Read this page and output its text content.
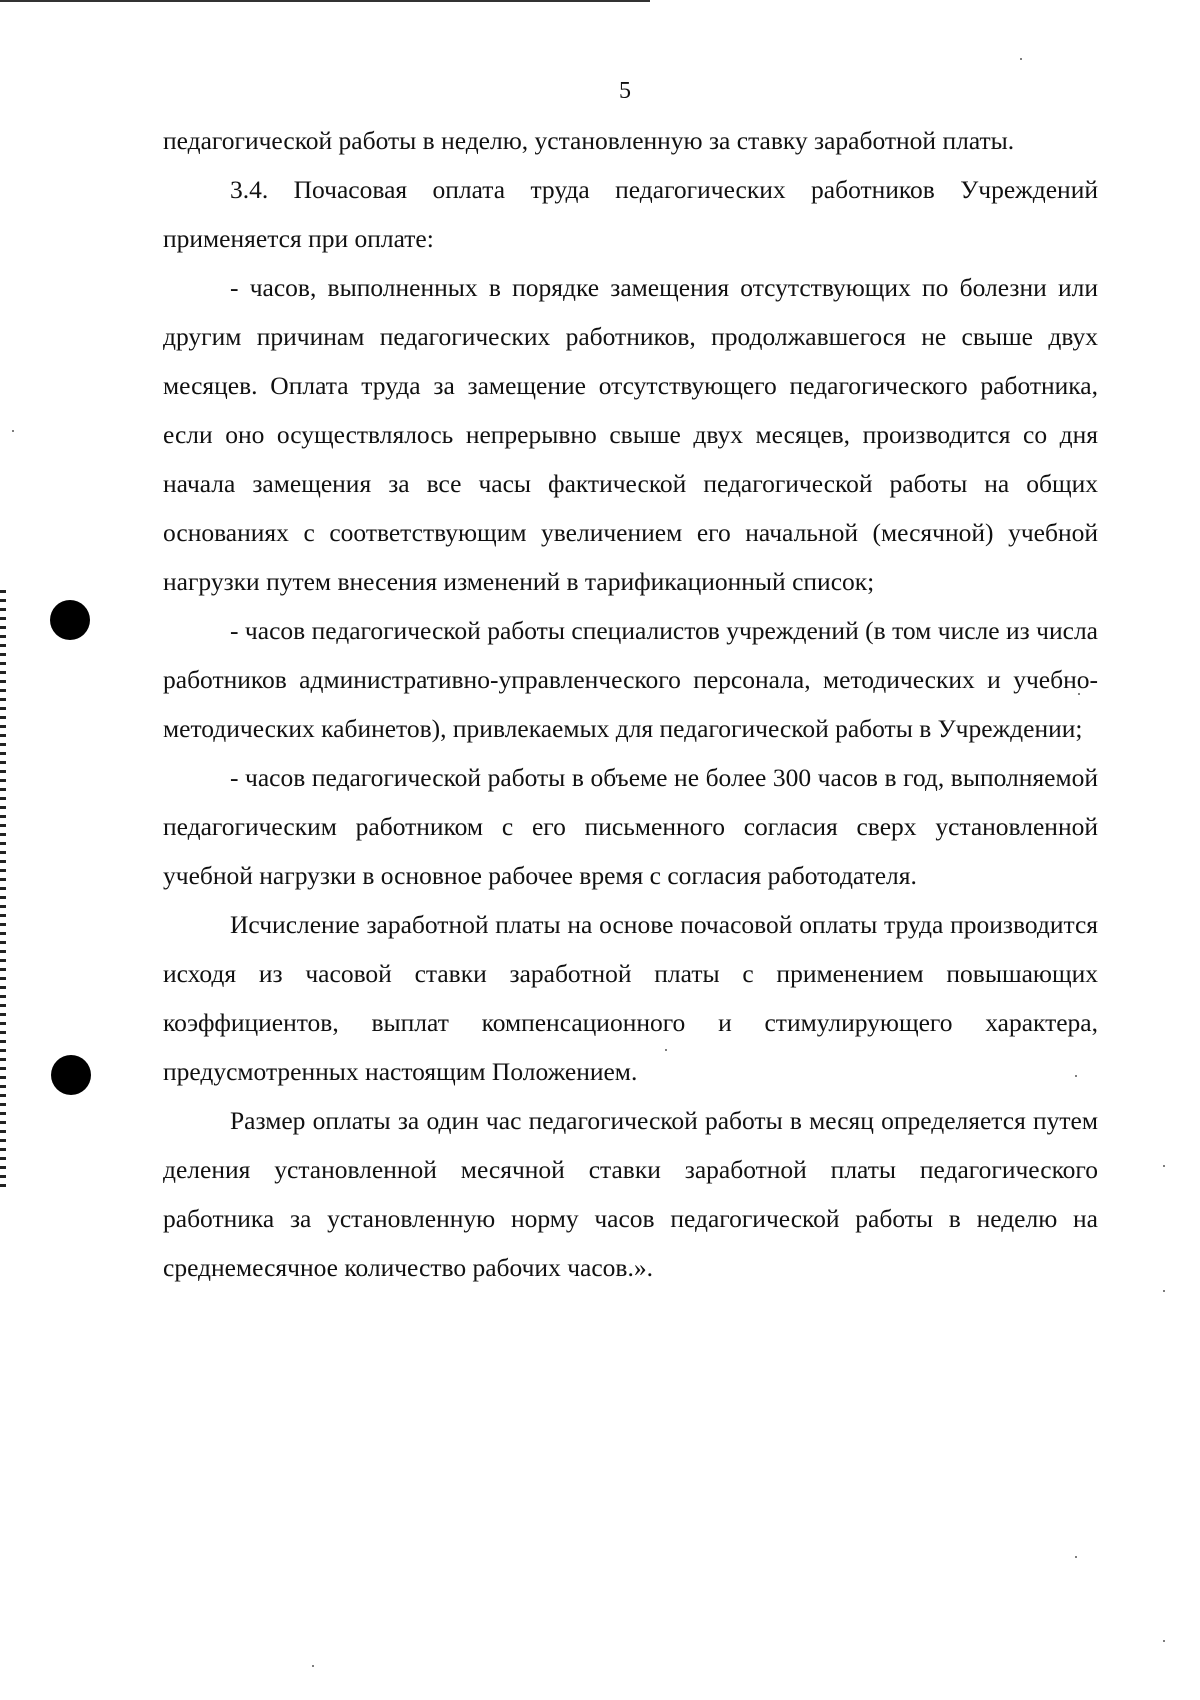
5

педагогической работы в неделю, установленную за ставку заработной платы.

3.4. Почасовая оплата труда педагогических работников Учреждений применяется при оплате:

- часов, выполненных в порядке замещения отсутствующих по болезни или другим причинам педагогических работников, продолжавшегося не свыше двух месяцев. Оплата труда за замещение отсутствующего педагогического работника, если оно осуществлялось непрерывно свыше двух месяцев, производится со дня начала замещения за все часы фактической педагогической работы на общих основаниях с соответствующим увеличением его начальной (месячной) учебной нагрузки путем внесения изменений в тарификационный список;

- часов педагогической работы специалистов учреждений (в том числе из числа работников административно-управленческого персонала, методических и учебно-методических кабинетов), привлекаемых для педагогической работы в Учреждении;

- часов педагогической работы в объеме не более 300 часов в год, выполняемой педагогическим работником с его письменного согласия сверх установленной учебной нагрузки в основное рабочее время с согласия работодателя.

Исчисление заработной платы на основе почасовой оплаты труда производится исходя из часовой ставки заработной платы с применением повышающих коэффициентов, выплат компенсационного и стимулирующего характера, предусмотренных настоящим Положением.

Размер оплаты за один час педагогической работы в месяц определяется путем деления установленной месячной ставки заработной платы педагогического работника за установленную норму часов педагогической работы в неделю на среднемесячное количество рабочих часов.».
